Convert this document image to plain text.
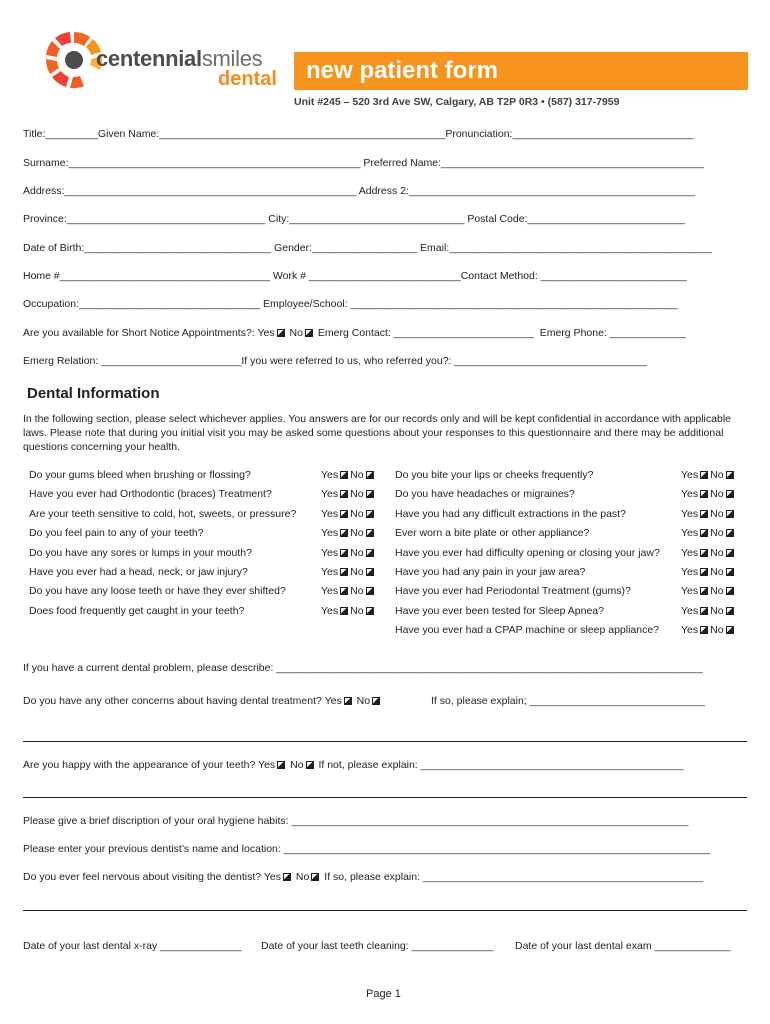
centennialsmiles
dental	new patient form
Unit #245 – 520 3rd Ave SW, Calgary, AB T2P 0R3 • (587) 317-7959
Title:_________Given Name:_________________________________________________Pronunciation:_______________________________
Surname:__________________________________________________ Preferred Name:_____________________________________________
Address:__________________________________________________ Address 2:_________________________________________________
Province:__________________________________ City:______________________________ Postal Code:___________________________
Date of Birth:________________________________ Gender:__________________ Email:_____________________________________________
Home #____________________________________ Work # __________________________Contact Method: _________________________
Occupation:_______________________________ Employee/School: ________________________________________________________
Are you available for Short Notice Appointments?: Yes No Emerg Contact: ________________________ Emerg Phone: _____________
Emerg Relation: ________________________If you were referred to us, who referred you?: _________________________________
Dental Information
In the following section, please select whichever applies. You answers are for our records only and will be kept confidential in accordance with applicable laws. Please note that during you initial visit you may be asked some questions about your responses to this questionnaire and there may be additional questions concerning your health.
Do your gums bleed when brushing or flossing?	Yes No
Have you ever had Orthodontic (braces) Treatment?	Yes No
Are your teeth sensitive to cold, hot, sweets, or pressure? Yes No
Do you feel pain to any of your teeth?	Yes No
Do you have any sores or lumps in your mouth?	Yes No
Have you ever had a head, neck, or jaw injury?	Yes No
Do you have any loose teeth or have they ever shifted?	Yes No
Does food frequently get caught in your teeth?	Yes No
Do you bite your lips or cheeks frequently?	Yes No
Do you have headaches or migraines?	Yes No
Have you had any difficult extractions in the past?	Yes No
Ever worn a bite plate or other appliance?	Yes No
Have you ever had difficulty opening or closing your jaw? Yes No
Have you had any pain in your jaw area?	Yes No
Have you ever had Periodontal Treatment (gums)?	Yes No
Have you ever been tested for Sleep Apnea?	Yes No
Have you ever had a CPAP machine or sleep appliance? Yes No
If you have a current dental problem, please describe: _________________________________________________________________________
Do you have any other concerns about having dental treatment? Yes No	If so, please explain; ______________________________
Are you happy with the appearance of your teeth? Yes No If not, please explain: _____________________________________________
Please give a brief discription of your oral hygiene habits: ____________________________________________________________________
Please enter your previous dentist’s name and location: _________________________________________________________________________
Do you ever feel nervous about visiting the dentist? Yes No If so, please explain: ________________________________________________
Date of your last dental x-ray ______________ Date of your last teeth cleaning: ______________ Date of your last dental exam _____________
Page 1
